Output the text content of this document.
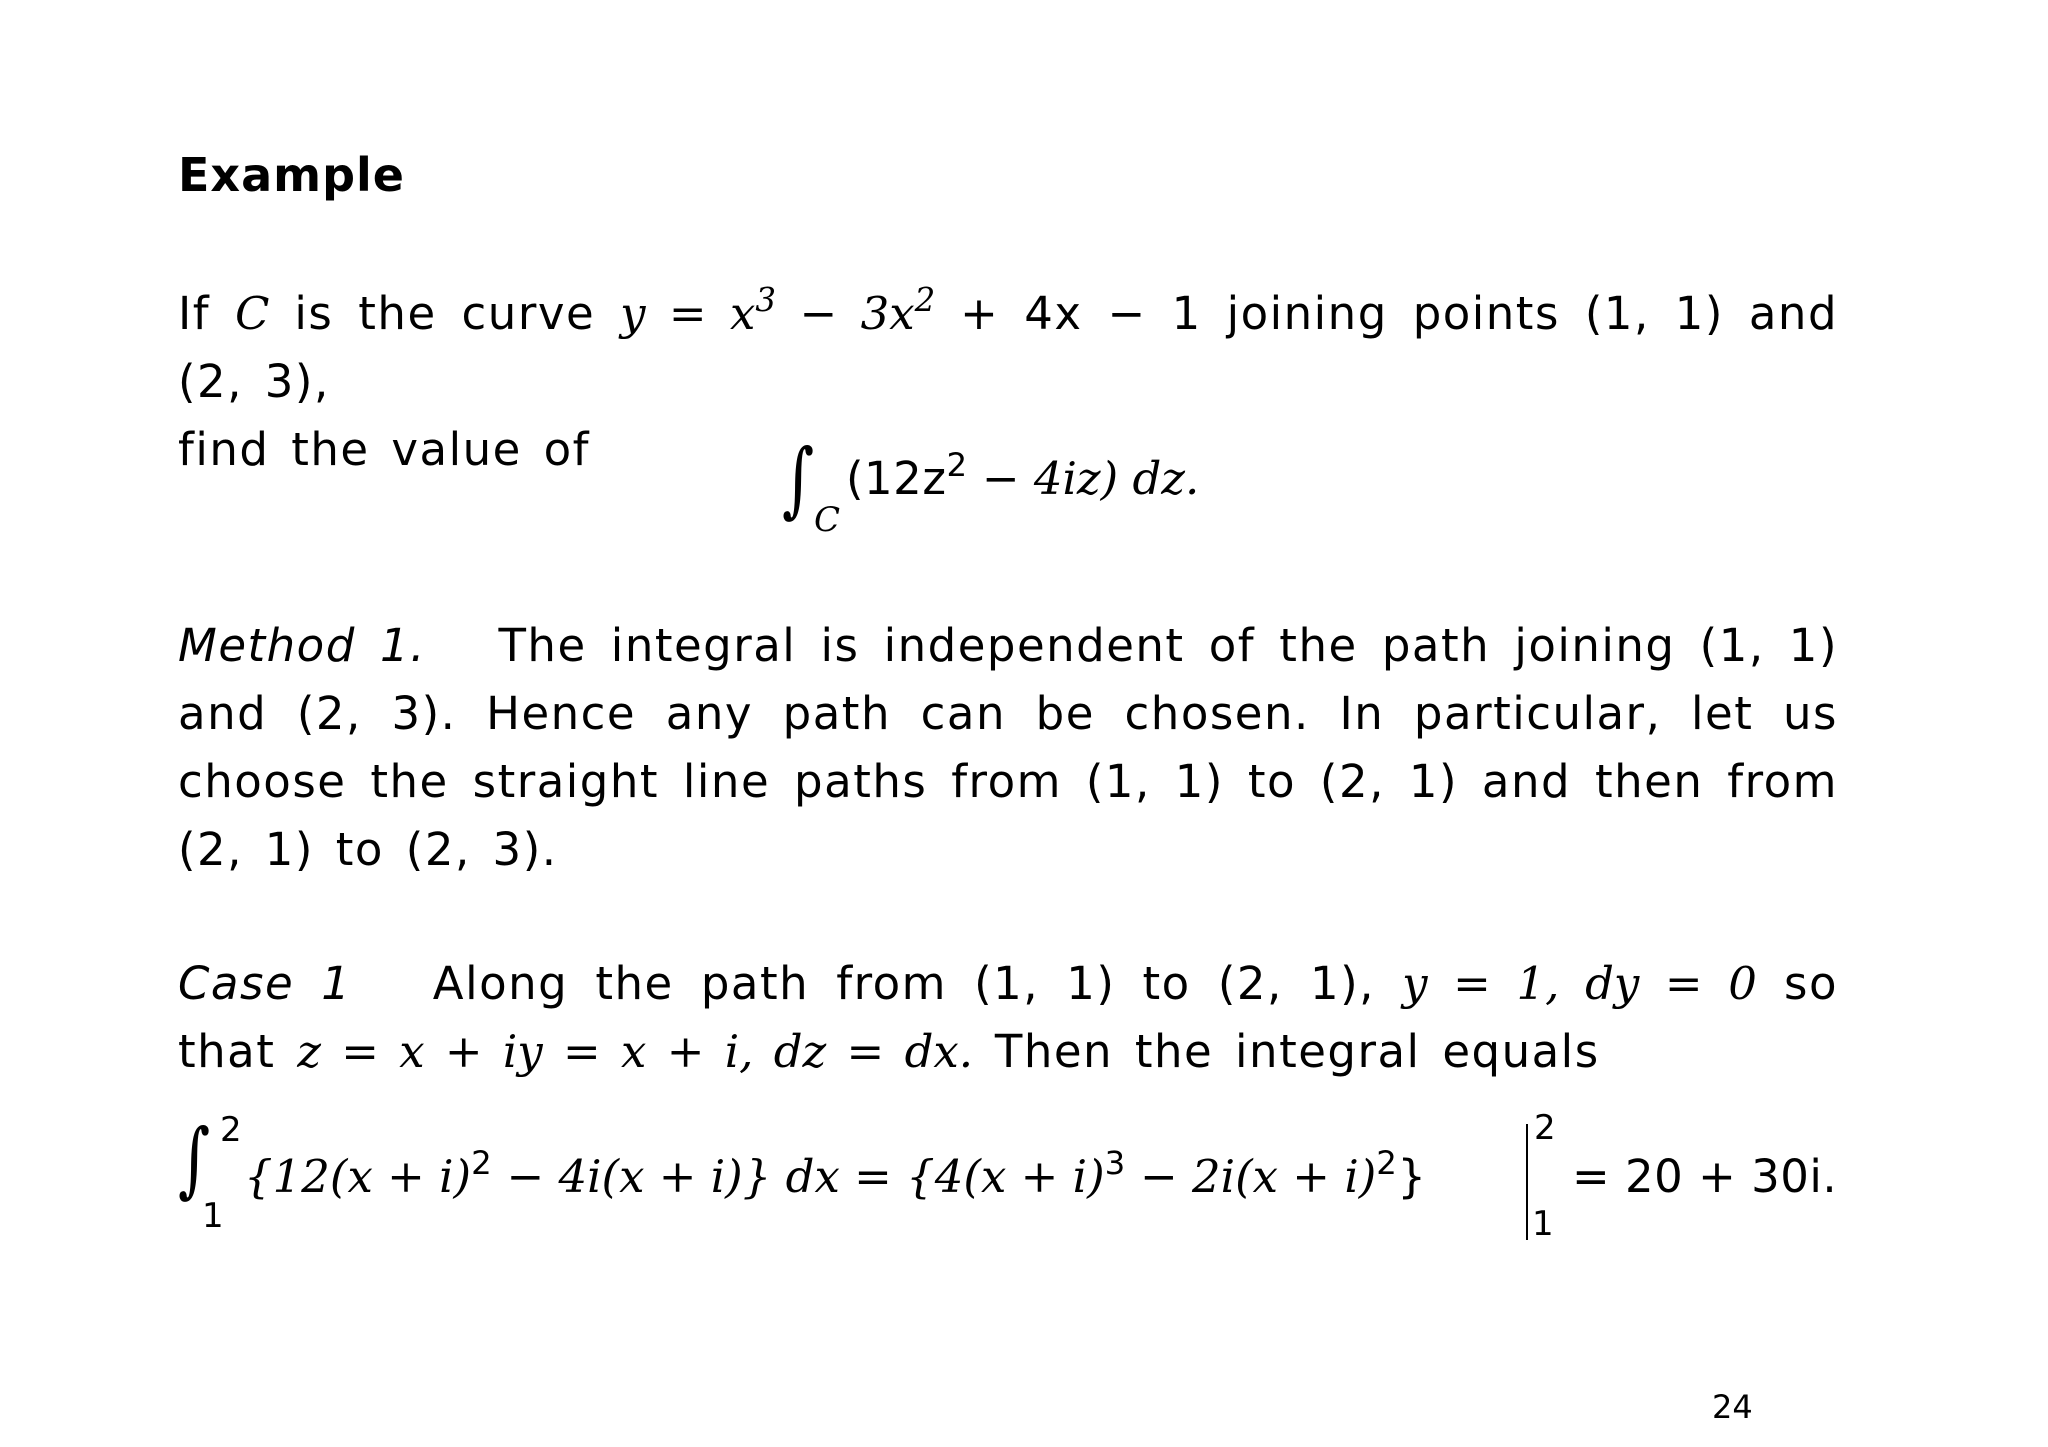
Example
If C is the curve $y = x^3 - 3x^2 + 4x - 1$ joining points (1, 1) and (2, 3),
find the value of	∫ C
$(12z^2 - 4iz)$ dz.
Method 1. The integral is independent of the path joining (1, 1) and (2, 3). Hence any path can be chosen. In particular, let us choose the straight line paths from (1, 1) to (2, 1) and then from (2, 1) to (2, 3).
Case 1 Along the path from (1, 1) to (2, 1), y = 1, dy = 0 so that z = x + iy = x + i, dz = dx. Then the integral equals
∫ 2
1
$\{12(x + i)^2 - 4i(x + i)\}$ dx = $\{4(x + i)^3 - 2i(x + i)^2\}$
2
1
= 20 + 30i.
24
